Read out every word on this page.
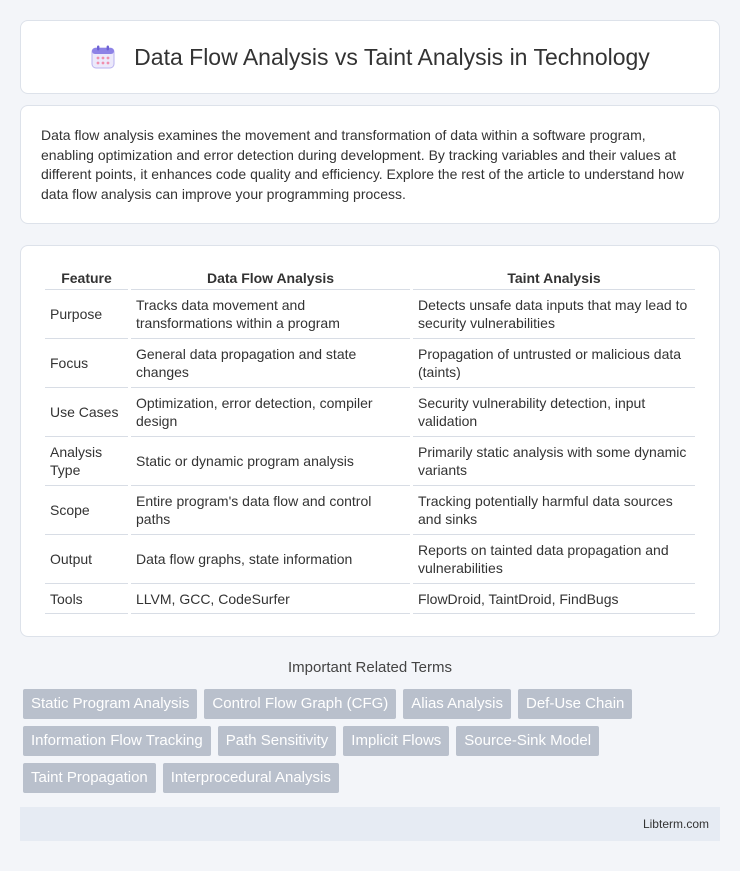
Data Flow Analysis vs Taint Analysis in Technology
Data flow analysis examines the movement and transformation of data within a software program, enabling optimization and error detection during development. By tracking variables and their values at different points, it enhances code quality and efficiency. Explore the rest of the article to understand how data flow analysis can improve your programming process.
Feature	Data Flow Analysis	Taint Analysis
Purpose	Tracks data movement and transformations within a program	Detects unsafe data inputs that may lead to security vulnerabilities
Focus	General data propagation and state changes	Propagation of untrusted or malicious data (taints)
Use Cases	Optimization, error detection, compiler design	Security vulnerability detection, input validation
Analysis Type	Static or dynamic program analysis	Primarily static analysis with some dynamic variants
Scope	Entire program's data flow and control paths	Tracking potentially harmful data sources and sinks
Output	Data flow graphs, state information	Reports on tainted data propagation and vulnerabilities
Tools	LLVM, GCC, CodeSurfer	FlowDroid, TaintDroid, FindBugs
Important Related Terms
Static Program Analysis	Control Flow Graph (CFG)	Alias Analysis	Def-Use Chain
Information Flow Tracking	Path Sensitivity	Implicit Flows	Source-Sink Model
Taint Propagation	Interprocedural Analysis
Libterm.com
